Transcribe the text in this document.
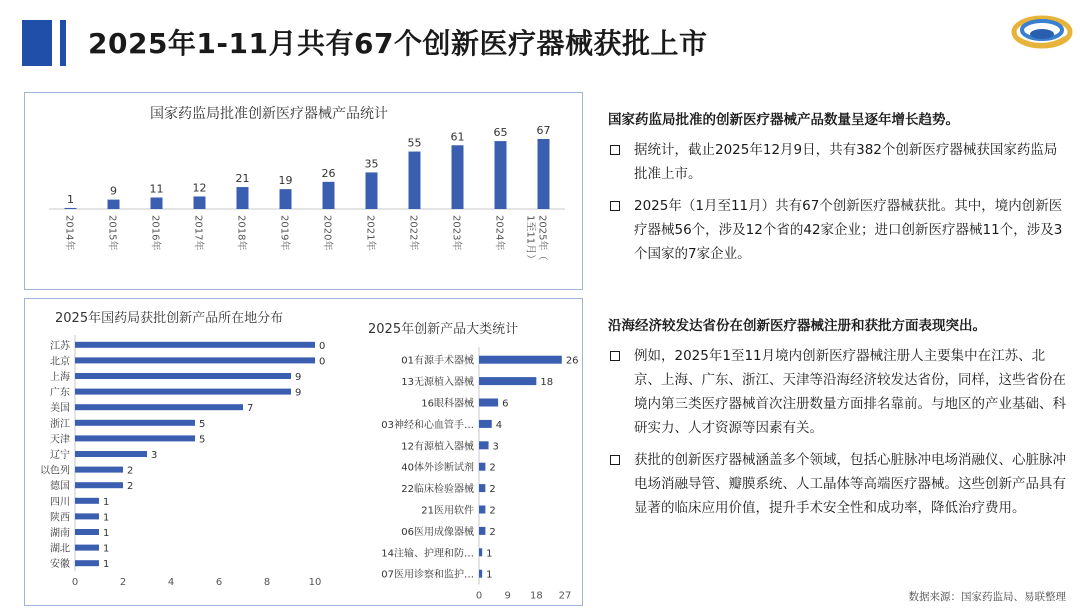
2025年1-11月共有67个创新医疗器械获批上市
国家药监局批准创新医疗器械产品统计
1
2014年
9
2015年
11
2016年
12
2017年
21
2018年
19
2019年
26
2020年
35
2021年
55
2022年
61
2023年
65
2024年
67
2025年（1至11月）
2025年国药局获批创新产品所在地分布
2025年创新产品大类统计
江苏	0
北京	0
上海	9
广东	9
美国	7
浙江	5
天津	5
辽宁	3
以色列	2
德国	2
四川	1
陕西	1
湖南	1
湖北	1
安徽	1
0	2	4	6	8	10
01有源手术器械	26
13无源植入器械	18
16眼科器械	6
03神经和心血管手… 4
12有源植入器械 3
40体外诊断试剂 2
22临床检验器械 2
21医用软件 2
06医用成像器械 2
14注输、护理和防… 1
07医用诊察和监护… 1
0 9 18 27
国家药监局批准的创新医疗器械产品数量呈逐年增长趋势。
据统计，截止2025年12月9日，共有382个创新医疗器械获国家药监局批准上市。
2025年（1月至11月）共有67个创新医疗器械获批。其中，境内创新医疗器械56个，涉及12个省的42家企业；进口创新医疗器械11个，涉及3个国家的7家企业。
沿海经济较发达省份在创新医疗器械注册和获批方面表现突出。
例如，2025年1至11月境内创新医疗器械注册人主要集中在江苏、北京、上海、广东、浙江、天津等沿海经济较发达省份，同样，这些省份在境内第三类医疗器械首次注册数量方面排名靠前。与地区的产业基础、科研实力、人才资源等因素有关。
获批的创新医疗器械涵盖多个领域，包括心脏脉冲电场消融仪、心脏脉冲电场消融导管、瓣膜系统、人工晶体等高端医疗器械。这些创新产品具有显著的临床应用价值，提升手术安全性和成功率，降低治疗费用。
数据来源：国家药监局、易联整理
